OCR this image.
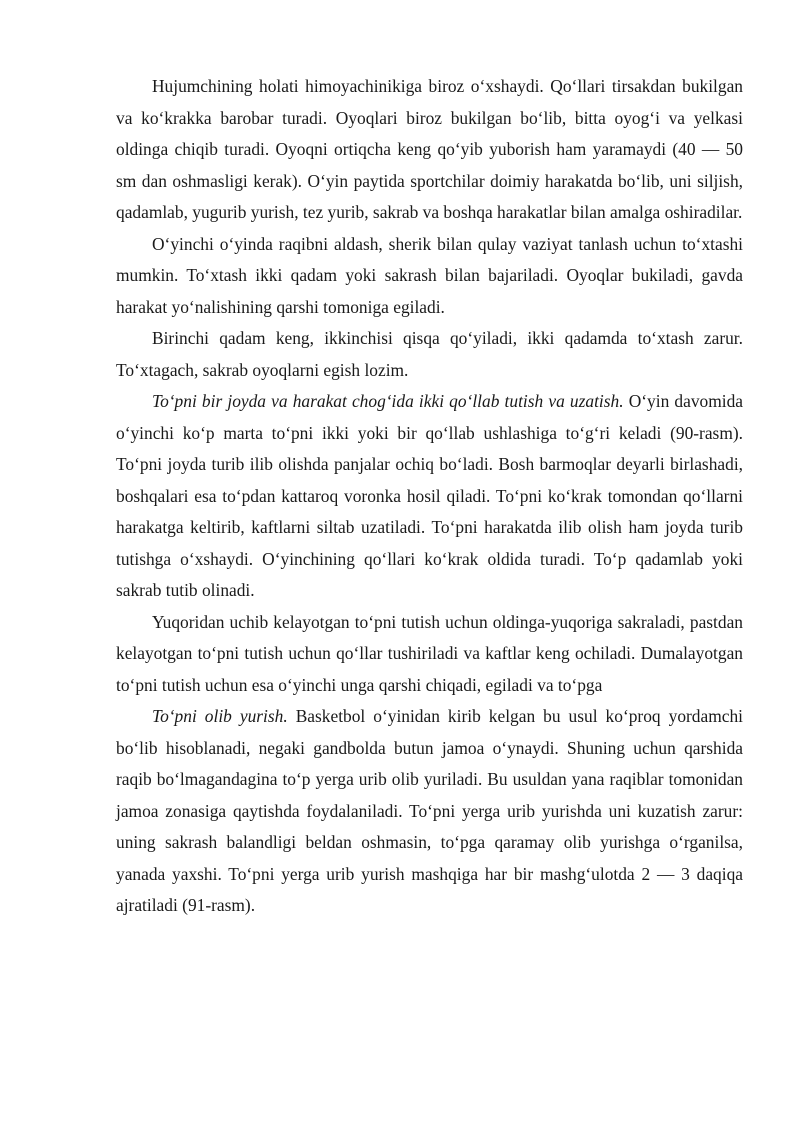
Hujumchining holati himoyachinikiga biroz o‘xshaydi. Qo‘llari tirsakdan bukilgan va ko‘krakka barobar turadi. Oyoqlari biroz bukilgan bo‘lib, bitta oyog‘i va yelkasi oldinga chiqib turadi. Oyoqni ortiqcha keng qo‘yib yuborish ham yaramaydi (40 — 50 sm dan oshmasligi kerak). O‘yin paytida sportchilar doimiy harakatda bo‘lib, uni siljish, qadamlab, yugurib yurish, tez yurib, sakrab va boshqa harakatlar bilan amalga oshiradilar.

O‘yinchi o‘yinda raqibni aldash, sherik bilan qulay vaziyat tanlash uchun to‘xtashi mumkin. To‘xtash ikki qadam yoki sakrash bilan bajariladi. Oyoqlar bukiladi, gavda harakat yo‘nalishining qarshi tomoniga egiladi.

Birinchi qadam keng, ikkinchisi qisqa qo‘yiladi, ikki qadamda to‘xtash zarur. To‘xtagach, sakrab oyoqlarni egish lozim.

To‘pni bir joyda va harakat chog‘ida ikki qo‘llab tutish va uzatish. O‘yin davomida o‘yinchi ko‘p marta to‘pni ikki yoki bir qo‘llab ushlashiga to‘g‘ri keladi (90-rasm). To‘pni joyda turib ilib olishda panjalar ochiq bo‘ladi. Bosh barmoqlar deyarli birlashadi, boshqalari esa to‘pdan kattaroq voronka hosil qiladi. To‘pni ko‘krak tomondan qo‘llarni harakatga keltirib, kaftlarni siltab uzatiladi. To‘pni harakatda ilib olish ham joyda turib tutishga o‘xshaydi. O‘yinchining qo‘llari ko‘krak oldida turadi. To‘p qadamlab yoki sakrab tutib olinadi.

Yuqoridan uchib kelayotgan to‘pni tutish uchun oldinga-yuqoriga sakraladi, pastdan kelayotgan to‘pni tutish uchun qo‘llar tushiriladi va kaftlar keng ochiladi. Dumalayotgan to‘pni tutish uchun esa o‘yinchi unga qarshi chiqadi, egiladi va to‘pga

To‘pni olib yurish. Basketbol o‘yinidan kirib kelgan bu usul ko‘proq yordamchi bo‘lib hisoblanadi, negaki gandbolda butun jamoa o‘ynaydi. Shuning uchun qarshida raqib bo‘lmagandagina to‘p yerga urib olib yuriladi. Bu usuldan yana raqiblar tomonidan jamoa zonasiga qaytishda foydalaniladi. To‘pni yerga urib yurishda uni kuzatish zarur: uning sakrash balandligi beldan oshmasin, to‘pga qaramay olib yurishga o‘rganilsa, yanada yaxshi. To‘pni yerga urib yurish mashqiga har bir mashg‘ulotda 2 — 3 daqiqa ajratiladi (91-rasm).
